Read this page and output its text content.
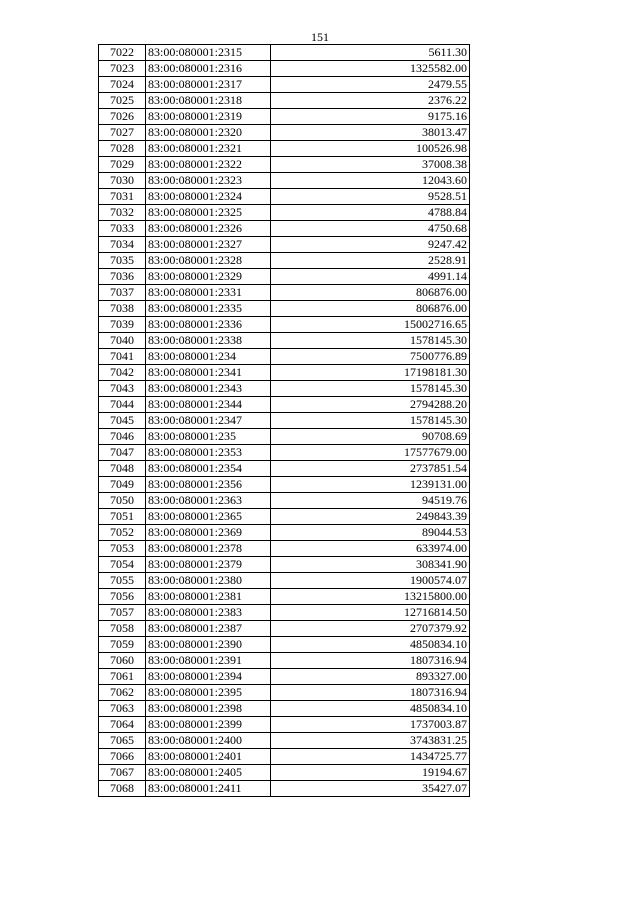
151
7022	83:00:080001:2315	5611.30
7023	83:00:080001:2316	1325582.00
7024	83:00:080001:2317	2479.55
7025	83:00:080001:2318	2376.22
7026	83:00:080001:2319	9175.16
7027	83:00:080001:2320	38013.47
7028	83:00:080001:2321	100526.98
7029	83:00:080001:2322	37008.38
7030	83:00:080001:2323	12043.60
7031	83:00:080001:2324	9528.51
7032	83:00:080001:2325	4788.84
7033	83:00:080001:2326	4750.68
7034	83:00:080001:2327	9247.42
7035	83:00:080001:2328	2528.91
7036	83:00:080001:2329	4991.14
7037	83:00:080001:2331	806876.00
7038	83:00:080001:2335	806876.00
7039	83:00:080001:2336	15002716.65
7040	83:00:080001:2338	1578145.30
7041	83:00:080001:234	7500776.89
7042	83:00:080001:2341	17198181.30
7043	83:00:080001:2343	1578145.30
7044	83:00:080001:2344	2794288.20
7045	83:00:080001:2347	1578145.30
7046	83:00:080001:235	90708.69
7047	83:00:080001:2353	17577679.00
7048	83:00:080001:2354	2737851.54
7049	83:00:080001:2356	1239131.00
7050	83:00:080001:2363	94519.76
7051	83:00:080001:2365	249843.39
7052	83:00:080001:2369	89044.53
7053	83:00:080001:2378	633974.00
7054	83:00:080001:2379	308341.90
7055	83:00:080001:2380	1900574.07
7056	83:00:080001:2381	13215800.00
7057	83:00:080001:2383	12716814.50
7058	83:00:080001:2387	2707379.92
7059	83:00:080001:2390	4850834.10
7060	83:00:080001:2391	1807316.94
7061	83:00:080001:2394	893327.00
7062	83:00:080001:2395	1807316.94
7063	83:00:080001:2398	4850834.10
7064	83:00:080001:2399	1737003.87
7065	83:00:080001:2400	3743831.25
7066	83:00:080001:2401	1434725.77
7067	83:00:080001:2405	19194.67
7068	83:00:080001:2411	35427.07
